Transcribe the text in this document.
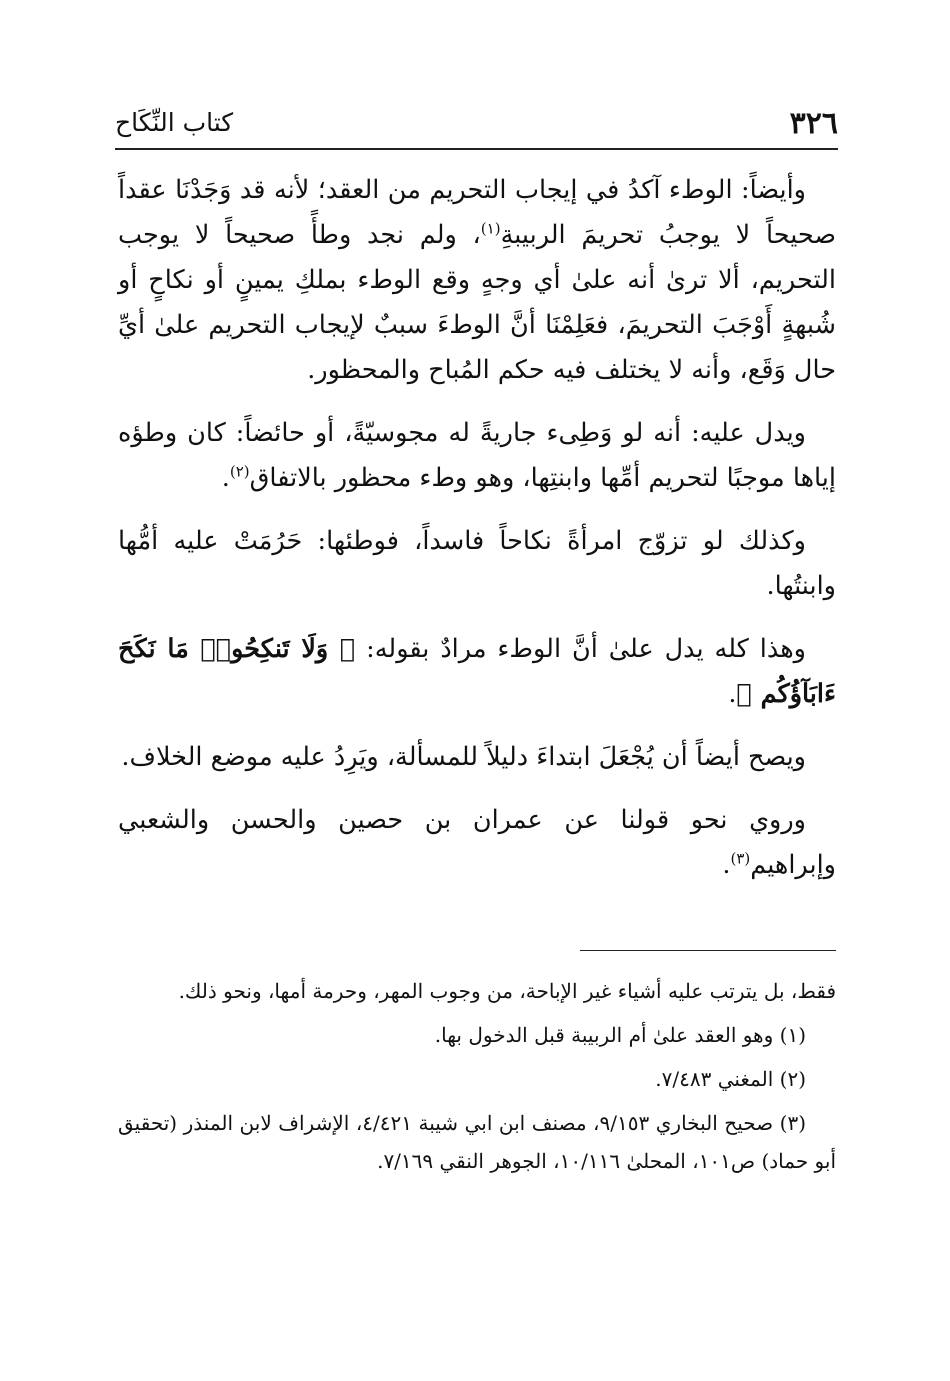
٣٢٦
كتاب النِّكَاح

وأيضاً: الوطء آكدُ في إيجاب التحريم من العقد؛ لأنه قد وَجَدْنَا عقداً صحيحاً لا يوجبُ تحريمَ الربيبةِ$^{(١)}$، ولم نجد وطأً صحيحاً لا يوجب التحريم، ألا ترىٰ أنه علىٰ أي وجهٍ وقع الوطء بملكِ يمينٍ أو نكاحٍ أو شُبهةٍ أَوْجَبَ التحريمَ، فعَلِمْنَا أنَّ الوطءَ سببٌ لإيجاب التحريم علىٰ أيِّ حال وَقَع، وأنه لا يختلف فيه حكم المُباح والمحظور.

ويدل عليه: أنه لو وَطِىء جاريةً له مجوسيّةً، أو حائضاً: كان وطؤه إياها موجبًا لتحريم أمِّها وابنتِها، وهو وطء محظور بالاتفاق$^{(٢)}$.

وكذلك لو تزوّج امرأةً نكاحاً فاسداً، فوطئها: حَرُمَتْ عليه أمُّها وابنتُها.

وهذا كله يدل علىٰ أنَّ الوطء مرادٌ بقوله: ﴿ وَلَا تَنكِحُوا۟ مَا نَكَحَ ءَابَآؤُكُم ﴾.

ويصح أيضاً أن يُجْعَلَ ابتداءَ دليلاً للمسألة، ويَرِدُ عليه موضع الخلاف.

وروي نحو قولنا عن عمران بن حصين والحسن والشعبي وإبراهيم$^{(٣)}$.

فقط، بل يترتب عليه أشياء غير الإباحة، من وجوب المهر، وحرمة أمها، ونحو ذلك.

(١) وهو العقد علىٰ أم الربيبة قبل الدخول بها.

(٢) المغني ٧/٤٨٣.

(٣) صحيح البخاري ٩/١٥٣، مصنف ابن ابي شيبة ٤/٤٢١، الإشراف لابن المنذر (تحقيق أبو حماد) ص١٠١، المحلىٰ ١٠/١١٦، الجوهر النقي ٧/١٦٩.
